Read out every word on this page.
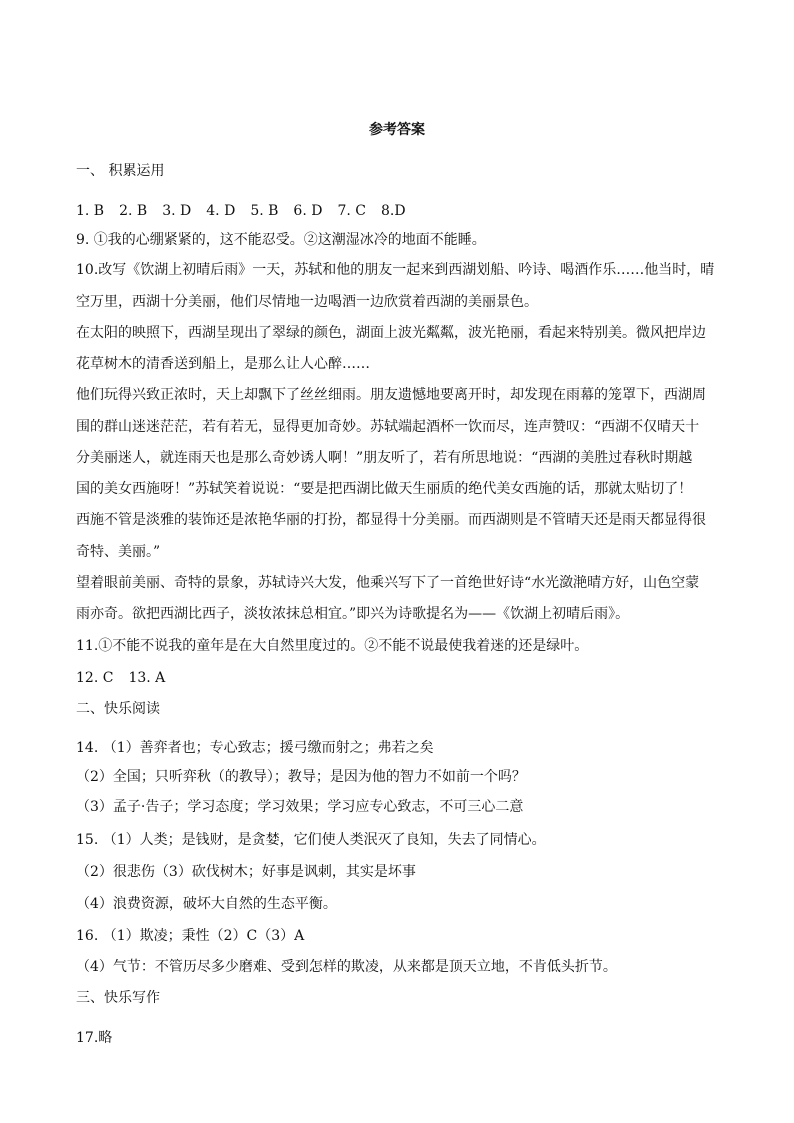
参考答案
一、 积累运用
1. B 2. B 3. D 4. D 5. B 6. D 7. C 8.D
9. ①我的心绷紧紧的，这不能忍受。②这潮湿冰冷的地面不能睡。
10.改写《饮湖上初晴后雨》一天，苏轼和他的朋友一起来到西湖划船、吟诗、喝酒作乐……他当时，晴
空万里，西湖十分美丽，他们尽情地一边喝酒一边欣赏着西湖的美丽景色。
在太阳的映照下，西湖呈现出了翠绿的颜色，湖面上波光粼粼，波光艳丽，看起来特别美。微风把岸边
花草树木的清香送到船上，是那么让人心醉……
他们玩得兴致正浓时，天上却飘下了丝丝细雨。朋友遗憾地要离开时，却发现在雨幕的笼罩下，西湖周
围的群山迷迷茫茫，若有若无，显得更加奇妙。苏轼端起酒杯一饮而尽，连声赞叹：“西湖不仅晴天十
分美丽迷人，就连雨天也是那么奇妙诱人啊！”朋友听了，若有所思地说：“西湖的美胜过春秋时期越
国的美女西施呀！”苏轼笑着说说：“要是把西湖比做天生丽质的绝代美女西施的话，那就太贴切了！
西施不管是淡雅的装饰还是浓艳华丽的打扮，都显得十分美丽。而西湖则是不管晴天还是雨天都显得很
奇特、美丽。”
望着眼前美丽、奇特的景象，苏轼诗兴大发，他乘兴写下了一首绝世好诗“水光潋滟晴方好，山色空蒙
雨亦奇。欲把西湖比西子，淡妆浓抹总相宜。”即兴为诗歌提名为——《饮湖上初晴后雨》。
11.①不能不说我的童年是在大自然里度过的。②不能不说最使我着迷的还是绿叶。
12. C 13. A
二、快乐阅读
14. （1）善弈者也；专心致志；援弓缴而射之；弗若之矣
（2）全国；只听弈秋（的教导）；教导；是因为他的智力不如前一个吗？
（3）孟子·告子；学习态度；学习效果；学习应专心致志，不可三心二意
15. （1）人类；是钱财，是贪婪，它们使人类泯灭了良知，失去了同情心。
（2）很悲伤（3）砍伐树木；好事是讽刺，其实是坏事
（4）浪费资源，破坏大自然的生态平衡。
16. （1）欺凌；秉性（2）C（3）A
（4）气节：不管历尽多少磨难、受到怎样的欺凌，从来都是顶天立地，不肯低头折节。
三、快乐写作
17.略
